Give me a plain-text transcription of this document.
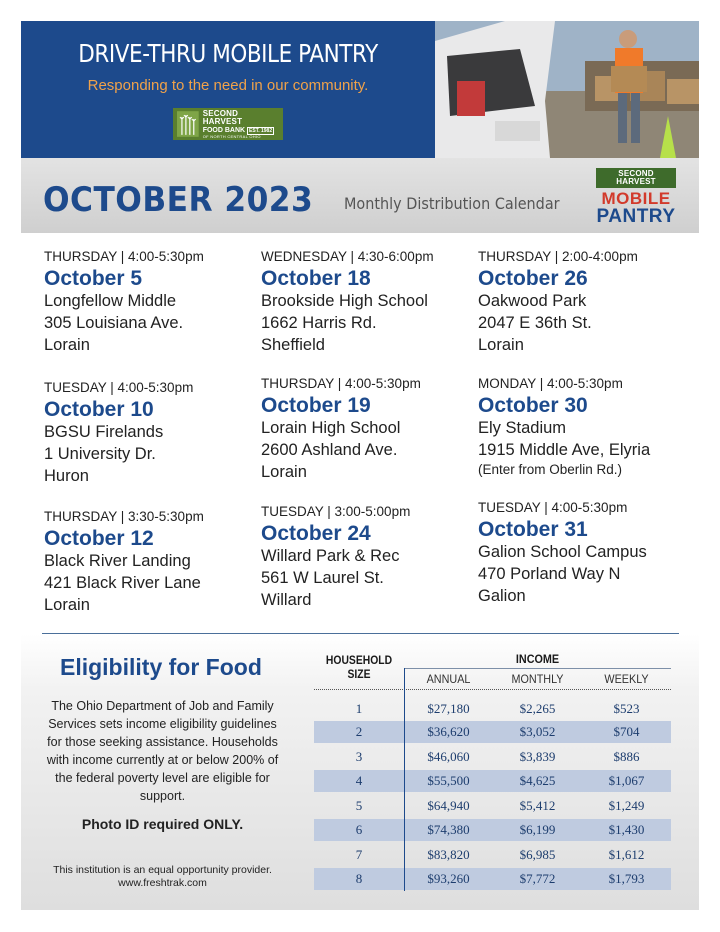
DRIVE-THRU MOBILE PANTRY
Responding to the need in our community.
SECOND HARVEST
FOOD BANK EST. 1982
OF NORTH CENTRAL OHIO
OCTOBER 2023 Monthly Distribution Calendar
SECOND HARVEST
MOBILE
PANTRY
THURSDAY | 4:00-5:30pm
October 5
Longfellow Middle
305 Louisiana Ave.
Lorain
TUESDAY | 4:00-5:30pm
October 10
BGSU Firelands
1 University Dr.
Huron
THURSDAY | 3:30-5:30pm
October 12
Black River Landing
421 Black River Lane
Lorain
WEDNESDAY | 4:30-6:00pm
October 18
Brookside High School
1662 Harris Rd.
Sheffield
THURSDAY | 4:00-5:30pm
October 19
Lorain High School
2600 Ashland Ave.
Lorain
TUESDAY | 3:00-5:00pm
October 24
Willard Park & Rec
561 W Laurel St.
Willard
THURSDAY | 2:00-4:00pm
October 26
Oakwood Park
2047 E 36th St.
Lorain
MONDAY | 4:00-5:30pm
October 30
Ely Stadium
1915 Middle Ave, Elyria
(Enter from Oberlin Rd.)
TUESDAY | 4:00-5:30pm
October 31
Galion School Campus
470 Porland Way N
Galion
Eligibility for Food
The Ohio Department of Job and Family Services sets income eligibility guidelines for those seeking assistance. Households with income currently at or below 200% of the federal poverty level are eligible for support.
Photo ID required ONLY.
This institution is an equal opportunity provider.
www.freshtrak.com
HOUSEHOLD
SIZE
INCOME
ANNUAL	MONTHLY	WEEKLY
1	$27,180	$2,265	$523
2	$36,620	$3,052	$704
3	$46,060	$3,839	$886
4	$55,500	$4,625	$1,067
5	$64,940	$5,412	$1,249
6	$74,380	$6,199	$1,430
7	$83,820	$6,985	$1,612
8	$93,260	$7,772	$1,793
